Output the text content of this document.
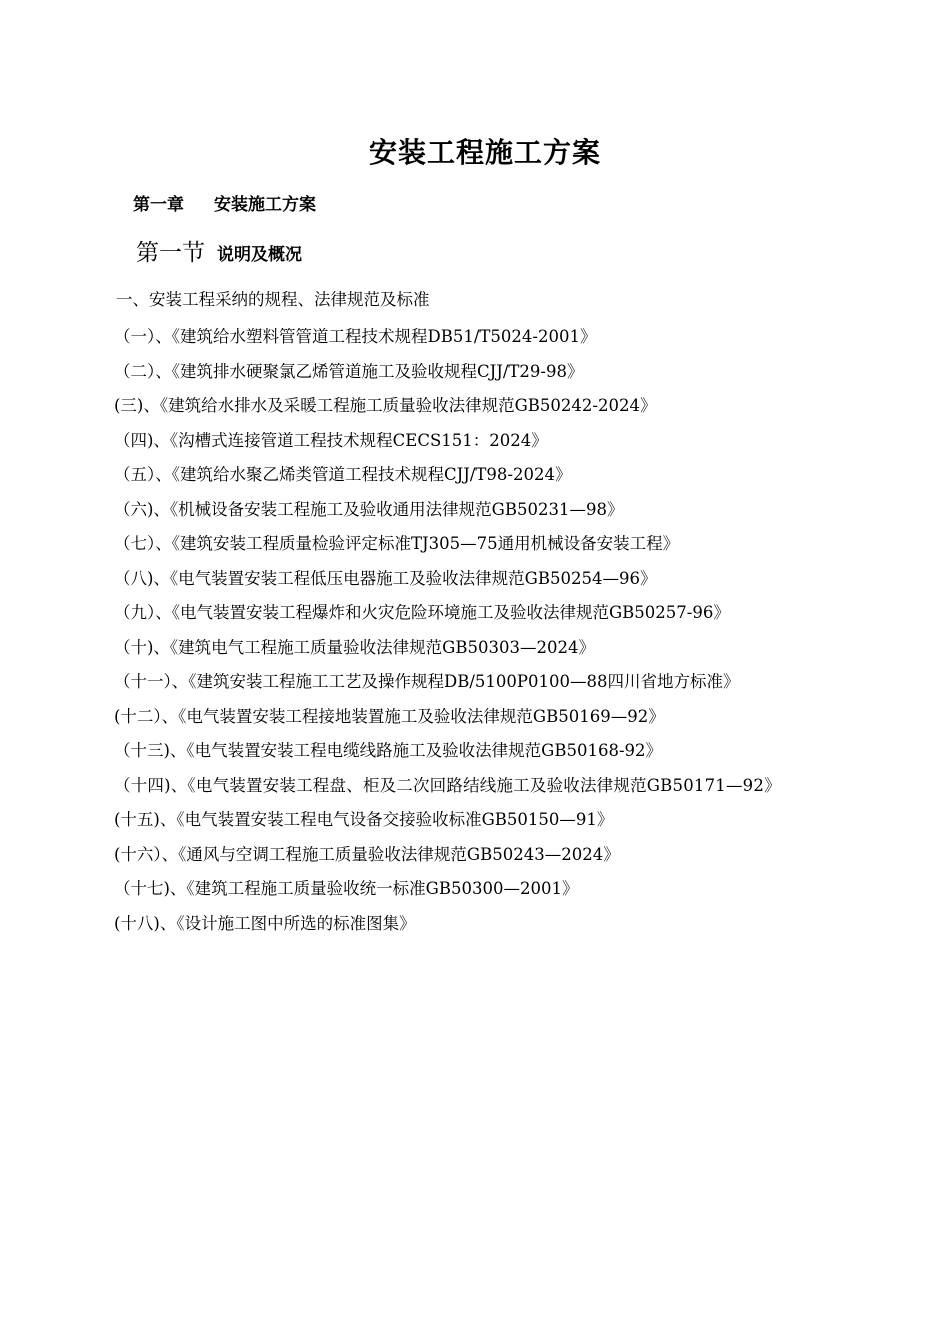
安装工程施工方案
第一章 安装施工方案
第一节 说明及概况
一、安装工程采纳的规程、法律规范及标准
（一）、《建筑给水塑料管管道工程技术规程DB51/T5024-2001》
（二）、《建筑排水硬聚氯乙烯管道施工及验收规程CJJ/T29-98》
(三)、《建筑给水排水及采暖工程施工质量验收法律规范GB50242-2024》
（四)、《沟槽式连接管道工程技术规程CECS151：2024》
（五）、《建筑给水聚乙烯类管道工程技术规程CJJ/T98-2024》
（六)、《机械设备安装工程施工及验收通用法律规范GB50231—98》
（七）、《建筑安装工程质量检验评定标准TJ305—75通用机械设备安装工程》
（八)、《电气装置安装工程低压电器施工及验收法律规范GB50254—96》
（九）、《电气装置安装工程爆炸和火灾危险环境施工及验收法律规范GB50257-96》
（十)、《建筑电气工程施工质量验收法律规范GB50303—2024》
（十一）、《建筑安装工程施工工艺及操作规程DB/5100P0100—88四川省地方标准》
(十二）、《电气装置安装工程接地装置施工及验收法律规范GB50169—92》
（十三)、《电气装置安装工程电缆线路施工及验收法律规范GB50168-92》
（十四)、《电气装置安装工程盘、柜及二次回路结线施工及验收法律规范GB50171—92》
(十五)、《电气装置安装工程电气设备交接验收标准GB50150—91》
(十六）、《通风与空调工程施工质量验收法律规范GB50243—2024》
（十七)、《建筑工程施工质量验收统一标准GB50300—2001》
(十八)、《设计施工图中所选的标准图集》
